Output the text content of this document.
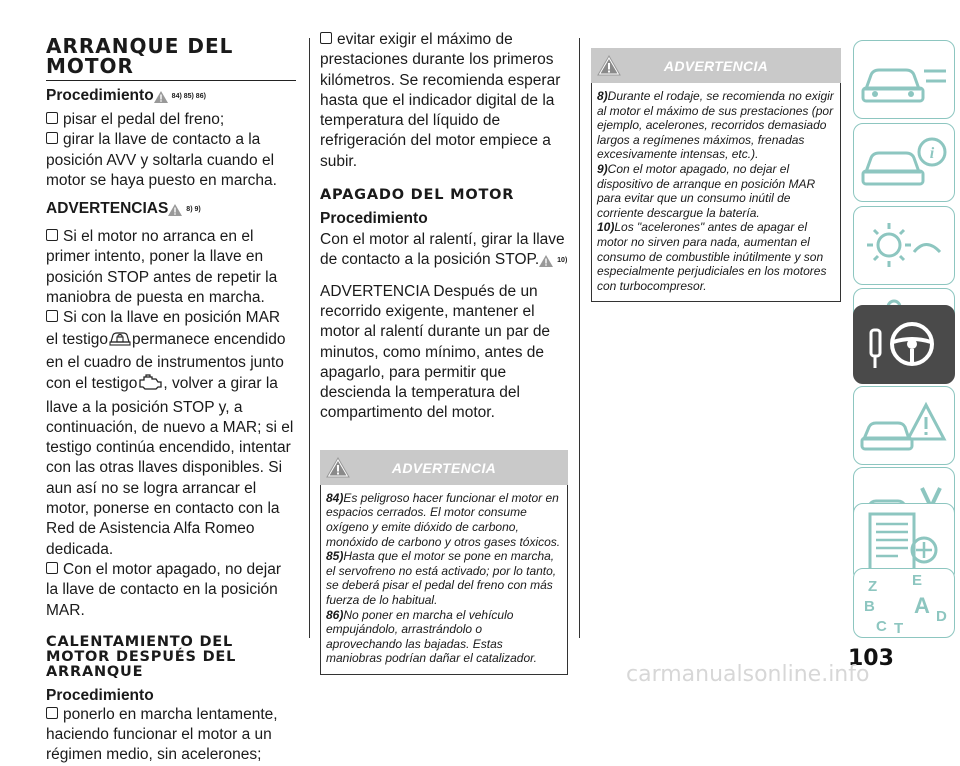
ARRANQUE DEL
MOTOR
Procedimiento	$^{84) 85) 86)}$

pisar el pedal del freno;

girar la llave de contacto a la posición AVV y soltarla cuando el motor se haya puesto en marcha.

ADVERTENCIAS	$^{8) 9)}$

Si el motor no arranca en el primer intento, poner la llave en posición STOP antes de repetir la maniobra de puesta en marcha.

Si con la llave en posición MAR el testigo permanece encendido en el cuadro de instrumentos junto con el testigo , volver a girar la llave a la posición STOP y, a continuación, de nuevo a MAR; si el testigo continúa encendido, intentar con las otras llaves disponibles. Si aun así no se logra arrancar el motor, ponerse en contacto con la Red de Asistencia Alfa Romeo dedicada.

Con el motor apagado, no dejar la llave de contacto en la posición MAR.

CALENTAMIENTO DEL
MOTOR DESPUÉS DEL
ARRANQUE
Procedimiento

ponerlo en marcha lentamente, haciendo funcionar el motor a un régimen medio, sin acelerones;

evitar exigir el máximo de prestaciones durante los primeros kilómetros. Se recomienda esperar hasta que el indicador digital de la temperatura del líquido de refrigeración del motor empiece a subir.

APAGADO DEL MOTOR
Procedimiento

Con el motor al ralentí, girar la llave de contacto a la posición STOP.	$^{10)}$

ADVERTENCIA Después de un recorrido exigente, mantener el motor al ralentí durante un par de minutos, como mínimo, antes de apagarlo, para permitir que descienda la temperatura del compartimento del motor.

ADVERTENCIA

84)Es peligroso hacer funcionar el motor en espacios cerrados. El motor consume oxígeno y emite dióxido de carbono, monóxido de carbono y otros gases tóxicos.

85)Hasta que el motor se pone en marcha, el servofreno no está activado; por lo tanto, se deberá pisar el pedal del freno con más fuerza de lo habitual.

86)No poner en marcha el vehículo empujándolo, arrastrándolo o aprovechando las bajadas. Estas maniobras podrían dañar el catalizador.

ADVERTENCIA

8)Durante el rodaje, se recomienda no exigir al motor el máximo de sus prestaciones (por ejemplo, acelerones, recorridos demasiado largos a regímenes máximos, frenadas excesivamente intensas, etc.).

9)Con el motor apagado, no dejar el dispositivo de arranque en posición MAR para evitar que un consumo inútil de corriente descargue la batería.

10)Los "acelerones" antes de apagar el motor no sirven para nada, aumentan el consumo de combustible inútilmente y son especialmente perjudiciales en los motores con turbocompresor.

i
Z E
B A
C T
D
103
carmanualsonline.info
